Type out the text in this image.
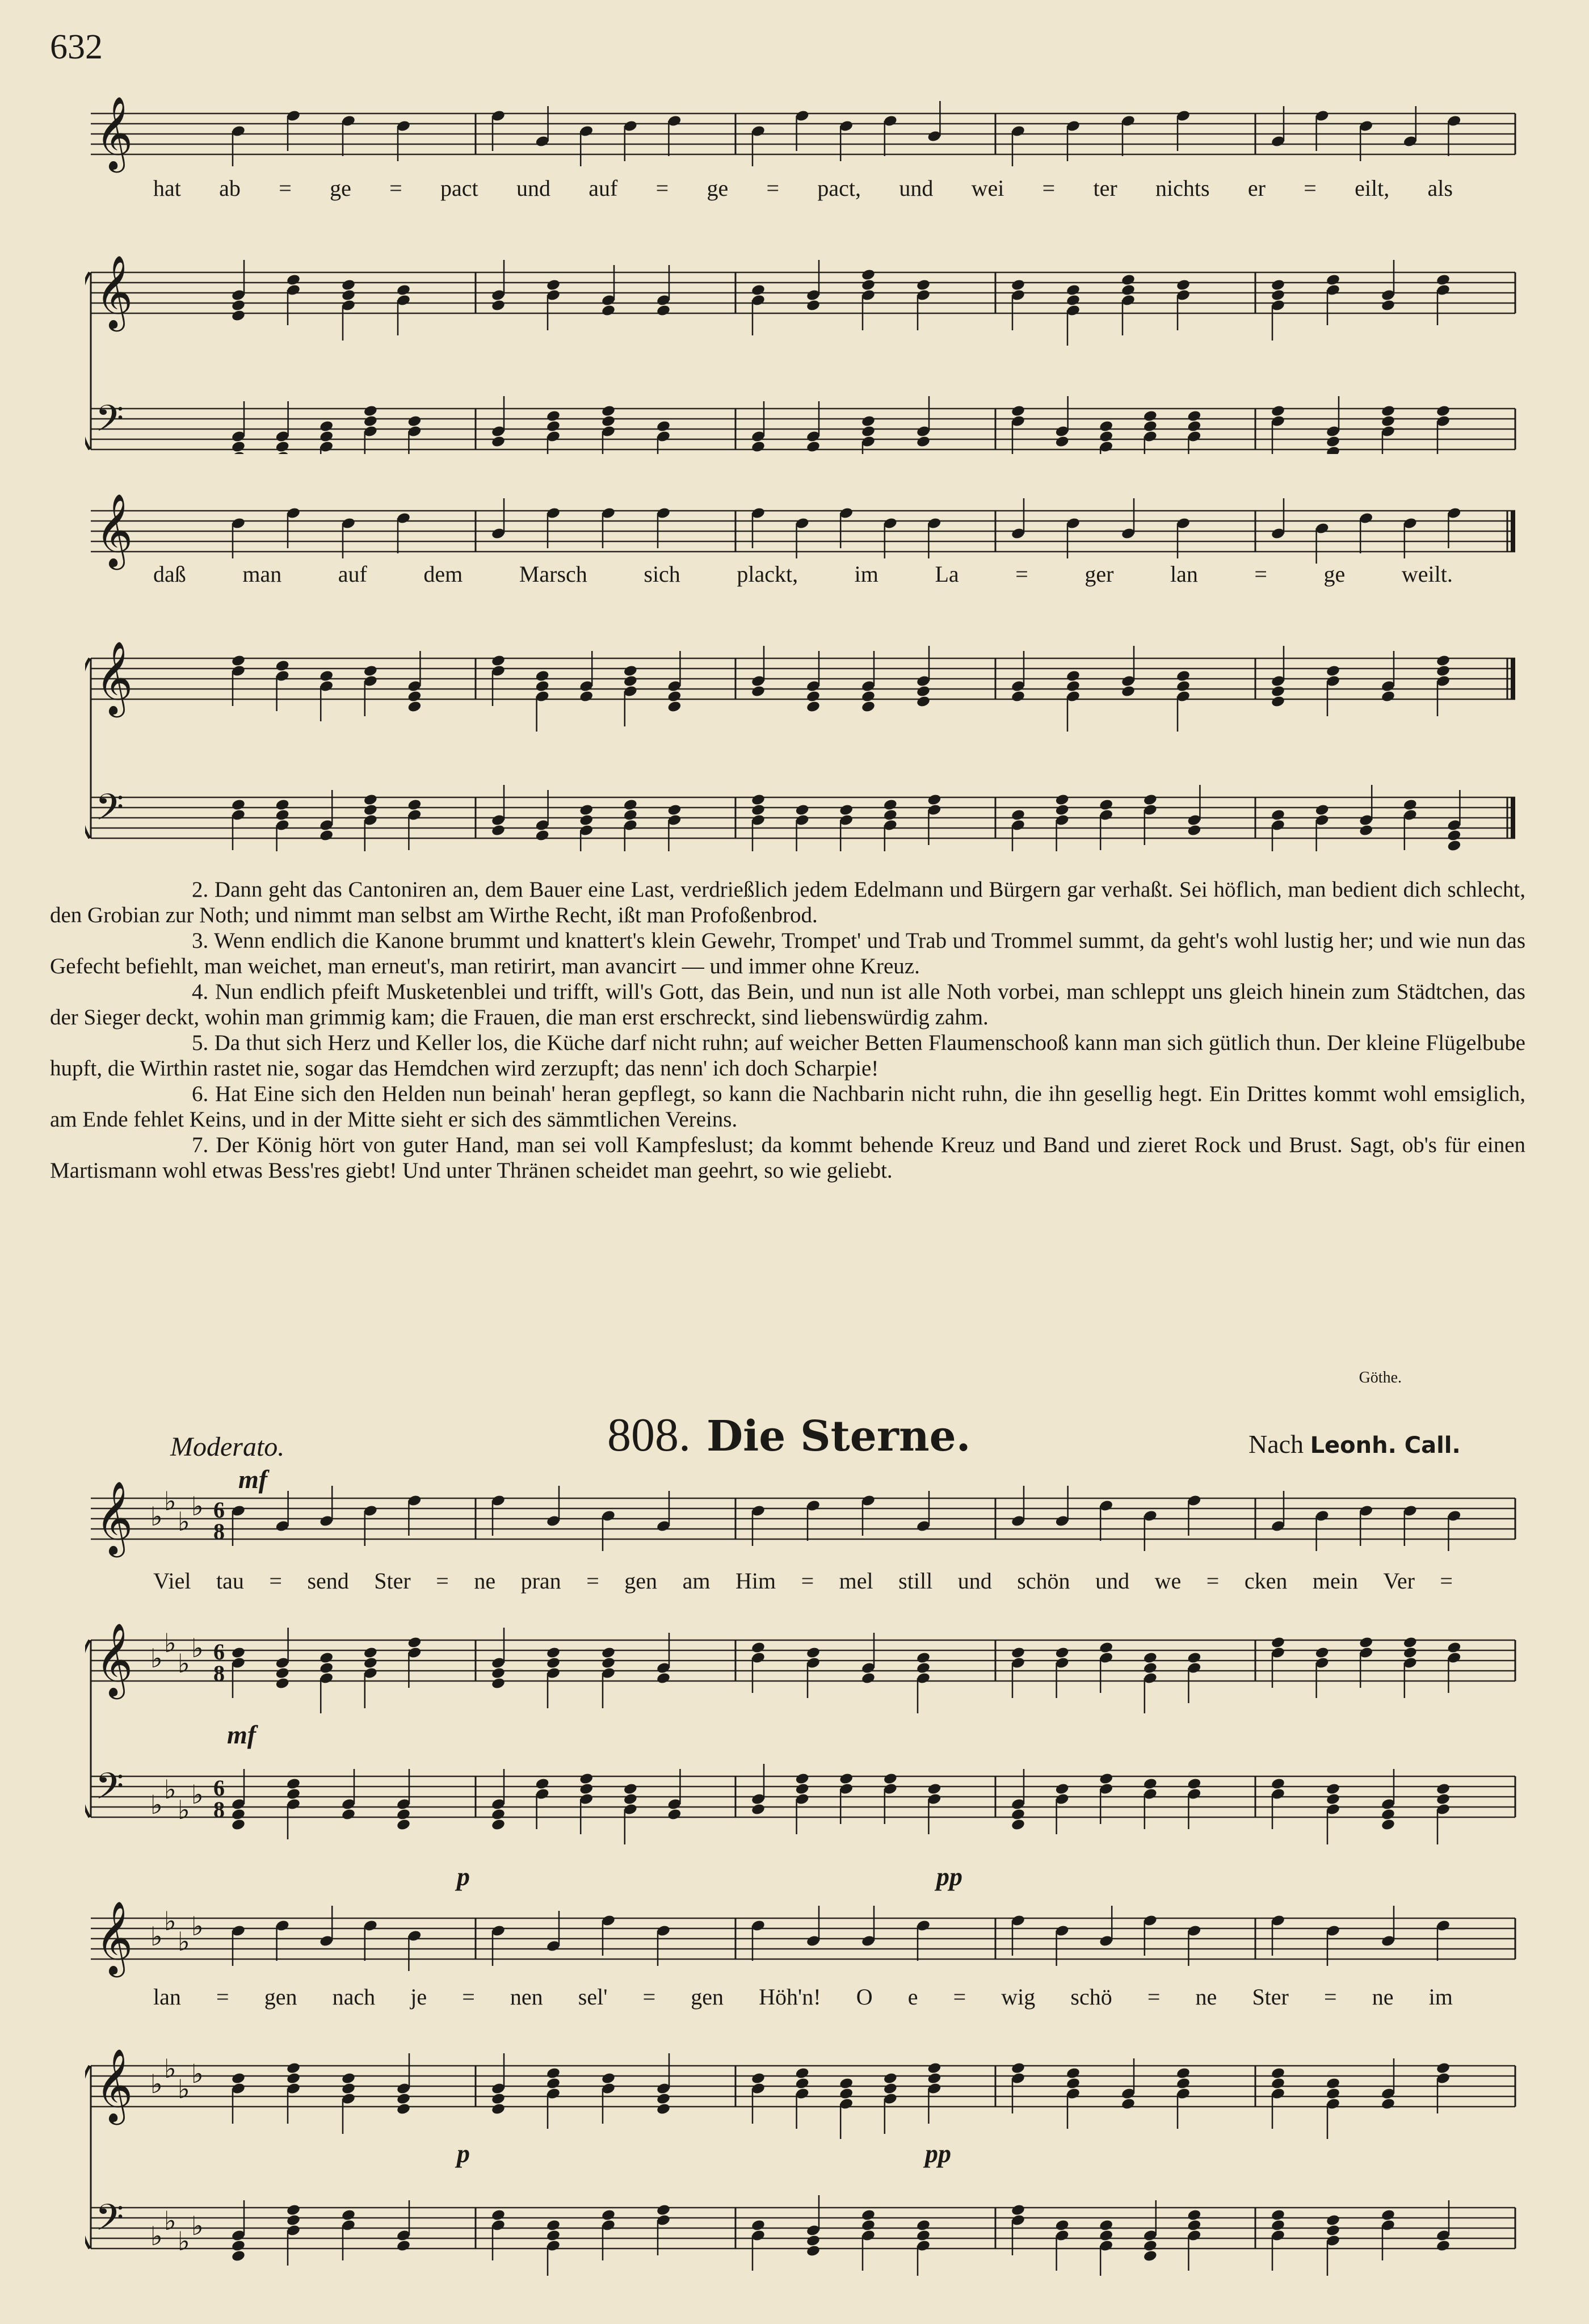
632
𝄞
𝄞
𝄢
hat ab = ge = pact und auf = ge = pact, und wei = ter nichts er = eilt, als
𝄞
𝄞
𝄢
daß man auf dem Marsch sich plackt, im La = ger lan = ge weilt.

2. Dann geht das Cantoniren an, dem Bauer eine Last, verdrießlich jedem Edelmann und Bürgern gar verhaßt. Sei höflich, man bedient dich schlecht, den Grobian zur Noth; und nimmt man selbst am Wirthe Recht, ißt man Profoßenbrod.

3. Wenn endlich die Kanone brummt und knattert's klein Gewehr, Trompet' und Trab und Trommel summt, da geht's wohl lustig her; und wie nun das Gefecht befiehlt, man weichet, man erneut's, man retirirt, man avancirt — und immer ohne Kreuz.

4. Nun endlich pfeift Musketenblei und trifft, will's Gott, das Bein, und nun ist alle Noth vorbei, man schleppt uns gleich hinein zum Städtchen, das der Sieger deckt, wohin man grimmig kam; die Frauen, die man erst erschreckt, sind liebenswürdig zahm.

5. Da thut sich Herz und Keller los, die Küche darf nicht ruhn; auf weicher Betten Flaumenschooß kann man sich gütlich thun. Der kleine Flügelbube hupft, die Wirthin rastet nie, sogar das Hemdchen wird zerzupft; das nenn' ich doch Scharpie!

6. Hat Eine sich den Helden nun beinah' heran gepflegt, so kann die Nachbarin nicht ruhn, die ihn gesellig hegt. Ein Drittes kommt wohl emsiglich, am Ende fehlet Keins, und in der Mitte sieht er sich des sämmtlichen Vereins.

7. Der König hört von guter Hand, man sei voll Kampfeslust; da kommt behende Kreuz und Band und zieret Rock und Brust. Sagt, ob's für einen Martismann wohl etwas Bess'res giebt! Und unter Thränen scheidet man geehrt, so wie geliebt.

Göthe.
Moderato.	808. Die Sterne.	Nach Leonh. Call.
𝄞 ♭ ♭
♭ ♭ 6
8
𝄞 ♭ ♭
♭ ♭ 6
8
𝄢 ♭ ♭
♭ ♭ 6
8
mf
mf
Viel tau = send Ster = ne pran = gen am Him = mel still und schön und we = cken mein Ver =
𝄞 ♭ ♭
♭ ♭
𝄞 ♭ ♭
♭ ♭
𝄢 ♭ ♭
♭ ♭
p	pp
p	pp
lan = gen nach je = nen sel' = gen Höh'n! O e = wig schö = ne Ster = ne im
